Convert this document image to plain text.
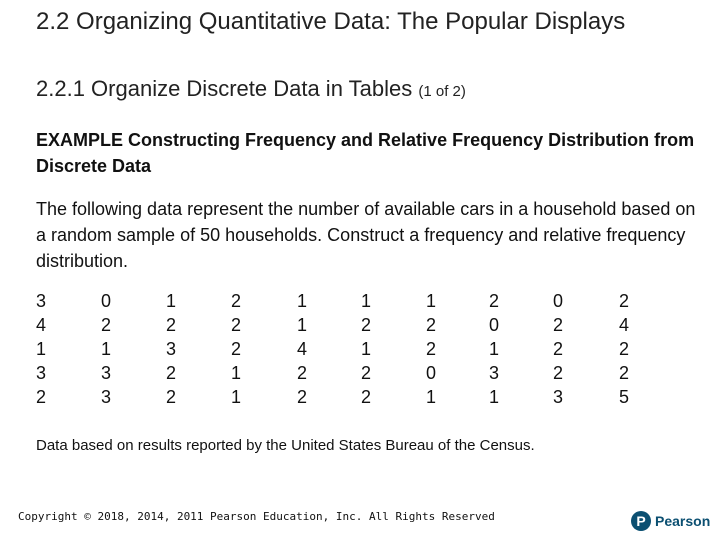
2.2 Organizing Quantitative Data: The Popular Displays
2.2.1 Organize Discrete Data in Tables (1 of 2)
EXAMPLE Constructing Frequency and Relative Frequency Distribution from Discrete Data
The following data represent the number of available cars in a household based on a random sample of 50 households. Construct a frequency and relative frequency distribution.
3	0	1	2	1	1	1	2	0	2
4	2	2	2	1	2	2	0	2	4
1	1	3	2	4	1	2	1	2	2
3	3	2	1	2	2	0	3	2	2
2	3	2	1	2	2	1	1	3	5
Data based on results reported by the United States Bureau of the Census.
Copyright © 2018, 2014, 2011 Pearson Education, Inc. All Rights Reserved	P Pearson
